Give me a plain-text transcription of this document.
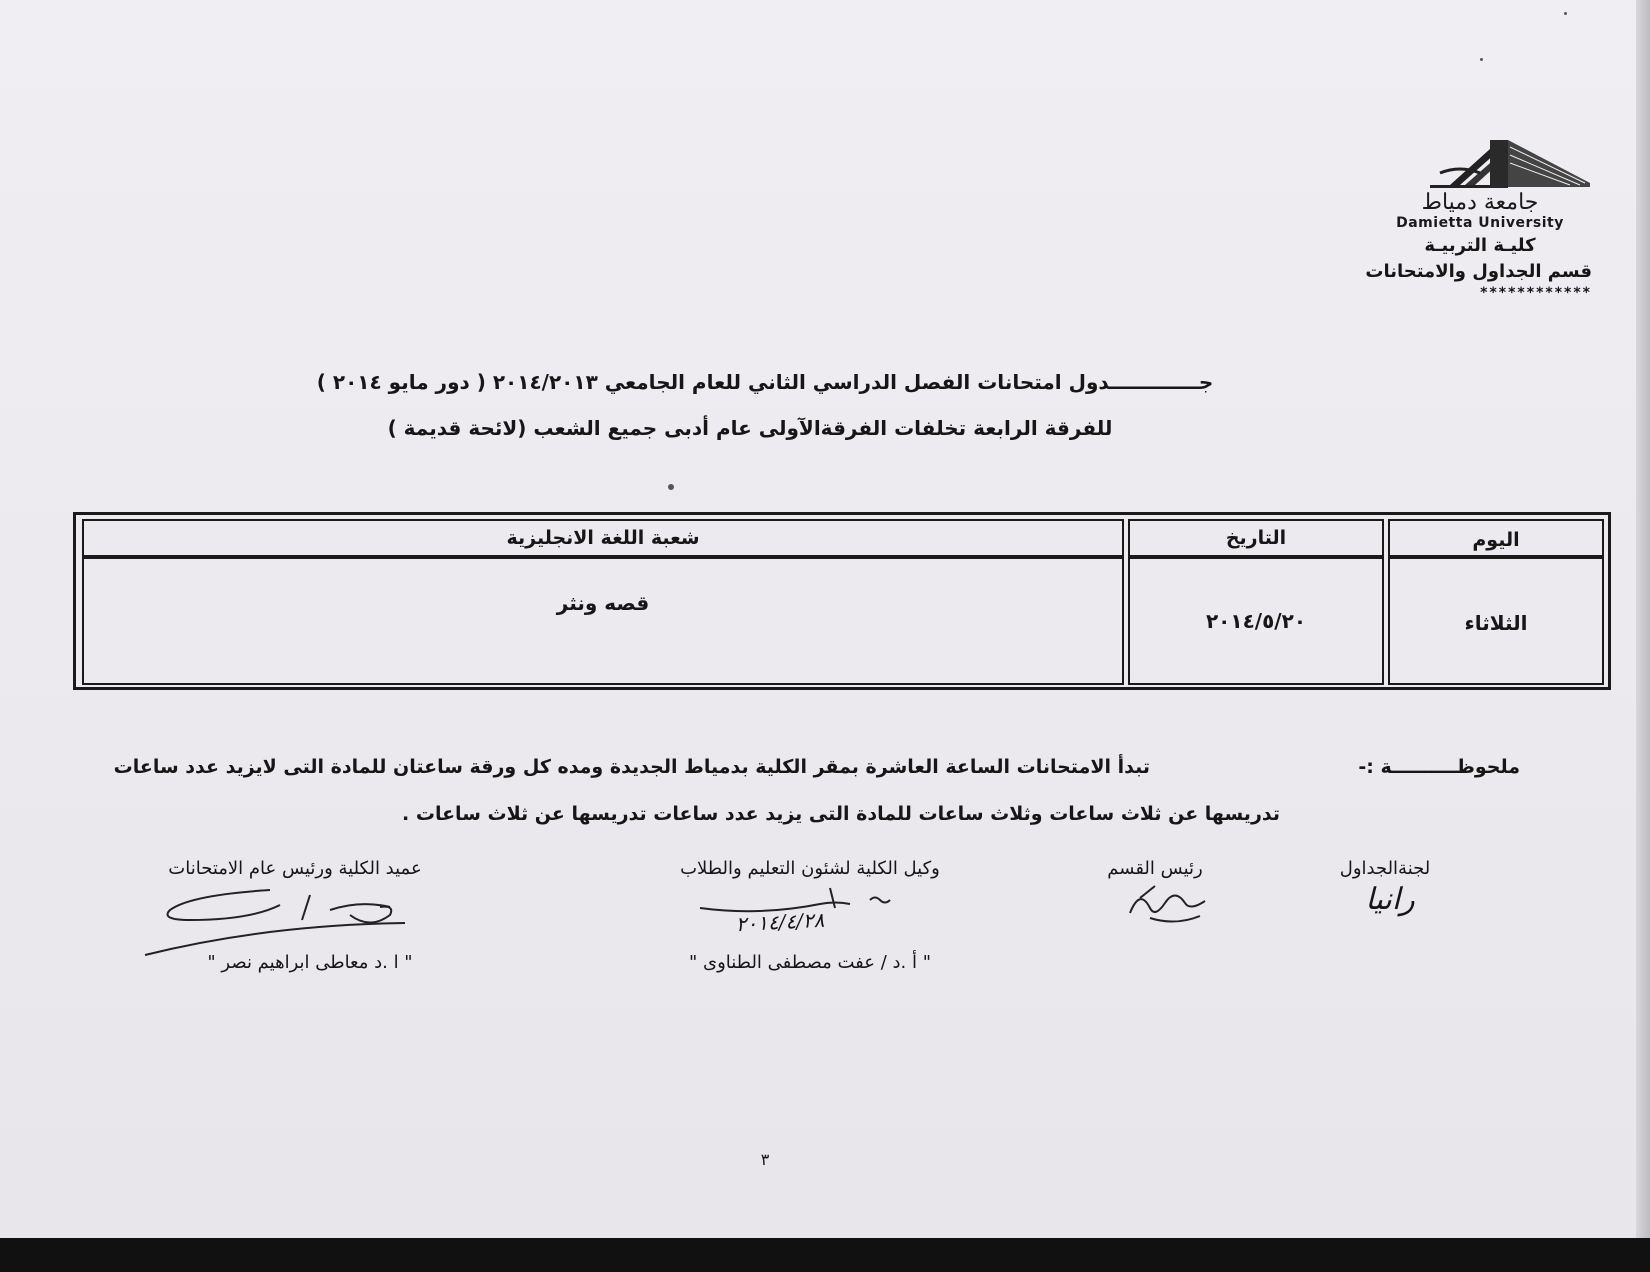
جامعة دمياط
Damietta University
كليـة التربيـة
قسم الجداول والامتحانات
************
جـــــــــــــدول امتحانات الفصل الدراسي الثاني للعام الجامعي ٢٠١٤/٢٠١٣ ( دور مايو ٢٠١٤ )
للفرقة الرابعة تخلفات الفرقةالآولى عام أدبى جميع الشعب (لائحة قديمة )
اليوم
التاريخ
شعبة اللغة الانجليزية
الثلاثاء
٢٠١٤/٥/٢٠
قصه ونثر
ملحوظــــــــــة :-
تبدأ الامتحانات الساعة العاشرة بمقر الكلية بدمياط الجديدة ومده كل ورقة ساعتان للمادة التى لايزيد عدد ساعات
تدريسها عن ثلاث ساعات وثلاث ساعات للمادة التى يزيد عدد ساعات تدريسها عن ثلاث ساعات .
لجنةالجداول
رانيا
رئيس القسم
وكيل الكلية لشئون التعليم والطلاب
٢٠١٤/٤/٢٨
" أ .د / عفت مصطفى الطناوى "
عميد الكلية ورئيس عام الامتحانات
" ا .د معاطى ابراهيم نصر "
٣
